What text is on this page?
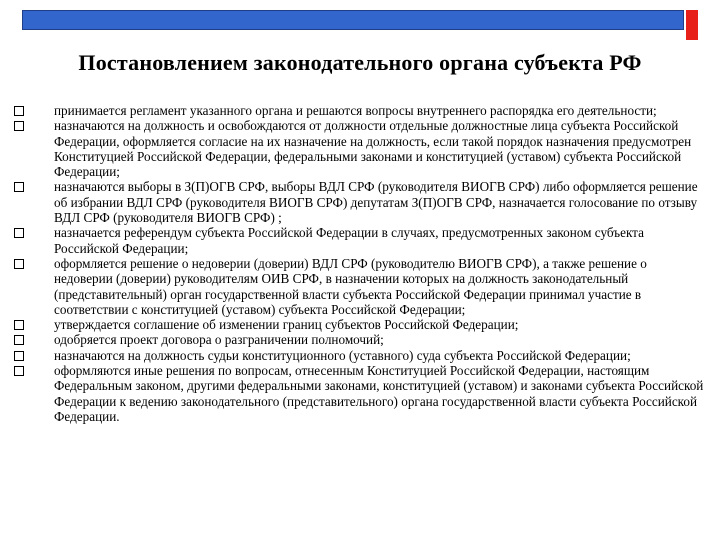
Постановлением законодательного органа субъекта РФ
принимается регламент указанного органа и решаются вопросы внутреннего распорядка его деятельности;
назначаются на должность и освобождаются от должности отдельные должностные лица субъекта Российской Федерации, оформляется согласие на их назначение на должность, если такой порядок назначения предусмотрен Конституцией Российской Федерации, федеральными законами и конституцией (уставом) субъекта Российской Федерации;
назначаются выборы в З(П)ОГВ СРФ, выборы ВДЛ СРФ (руководителя ВИОГВ СРФ) либо оформляется решение об избрании ВДЛ СРФ (руководителя ВИОГВ СРФ) депутатам З(П)ОГВ СРФ, назначается голосование по отзыву ВДЛ СРФ (руководителя ВИОГВ СРФ) ;
назначается референдум субъекта Российской Федерации в случаях, предусмотренных законом субъекта Российской Федерации;
оформляется решение о недоверии (доверии) ВДЛ СРФ (руководителю ВИОГВ СРФ), а также решение о недоверии (доверии) руководителям ОИВ СРФ, в назначении которых на должность законодательный (представительный) орган государственной власти субъекта Российской Федерации принимал участие в соответствии с конституцией (уставом) субъекта Российской Федерации;
утверждается соглашение об изменении границ субъектов Российской Федерации;
одобряется проект договора о разграничении полномочий;
назначаются на должность судьи конституционного (уставного) суда субъекта Российской Федерации;
оформляются иные решения по вопросам, отнесенным Конституцией Российской Федерации, настоящим Федеральным законом, другими федеральными законами, конституцией (уставом) и законами субъекта Российской Федерации к ведению законодательного (представительного) органа государственной власти субъекта Российской Федерации.
